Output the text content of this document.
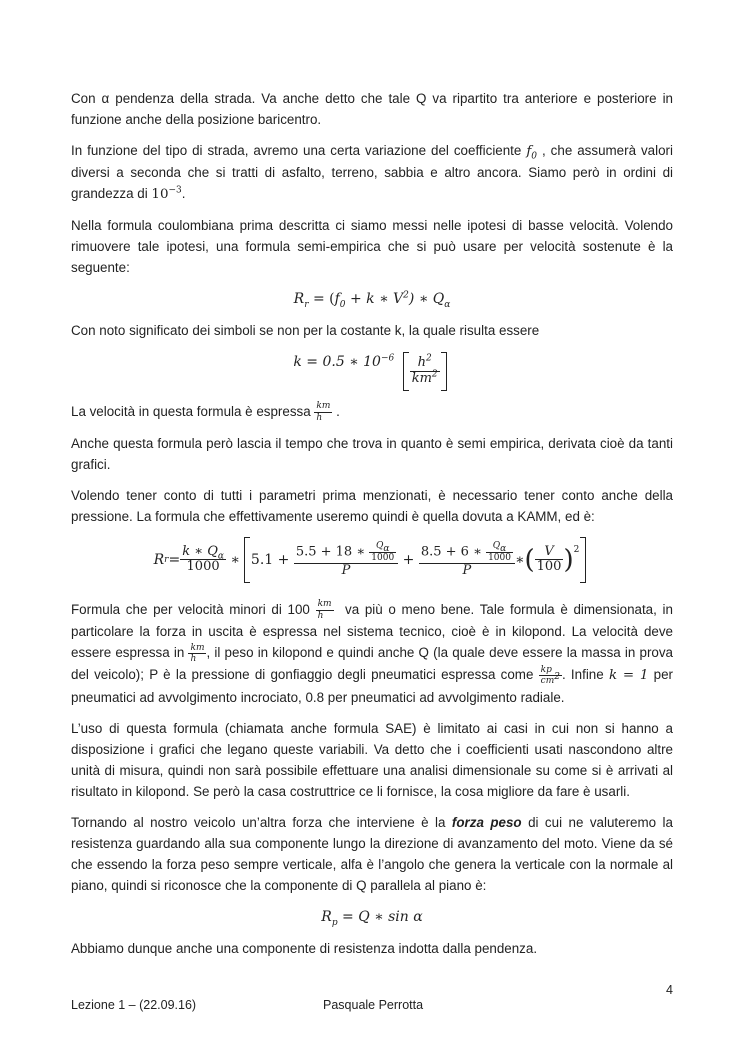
Con α pendenza della strada. Va anche detto che tale Q va ripartito tra anteriore e posteriore in funzione anche della posizione baricentro.

In funzione del tipo di strada, avremo una certa variazione del coefficiente $f_0$ , che assumerà valori diversi a seconda che si tratti di asfalto, terreno, sabbia e altro ancora. Siamo però in ordini di grandezza di $10^{-3}$.

Nella formula coulombiana prima descritta ci siamo messi nelle ipotesi di basse velocità. Volendo rimuovere tale ipotesi, una formula semi-empirica che si può usare per velocità sostenute è la seguente:

$R_r = (f_0 + k$ ∗ $V^2$) ∗ $Q_\alpha$

Con noto significato dei simboli se non per la costante k, la quale risulta essere

k = 0.5 ∗ $10^{-6} \frac{h^2}{km^2}$

La velocità in questa formula è espressa $\frac{km}{h}$ .

Anche questa formula però lascia il tempo che trova in quanto è semi empirica, derivata cioè da tanti grafici.

Volendo tener conto di tutti i parametri prima menzionati, è necessario tener conto anche della pressione. La formula che effettivamente useremo quindi è quella dovuta a KAMM, ed è:

R $r = \frac{k ∗ Q_\alpha}{1000}$
∗ 5.1 +
$\frac{5.5 + 18 ∗ \frac{Q_\alpha}{1000}}{P}$
+
$\frac{8.5 + 6 ∗ \frac{Q_\alpha}{1000}}{P}$ ∗ ( $\frac{V}{100} )^2$

Formula che per velocità minori di $100 \frac{km}{h}$ va più o meno bene. Tale formula è dimensionata, in particolare la forza in uscita è espressa nel sistema tecnico, cioè è in kilopond. La velocità deve essere espressa in $\frac{km}{h}$ , il peso in kilopond e quindi anche Q (la quale deve essere la massa in prova del veicolo); P è la pressione di gonfiaggio degli pneumatici espressa come $\frac{kp}{cm^2}$ . Infine k = 1 per pneumatici ad avvolgimento incrociato, 0.8 per pneumatici ad avvolgimento radiale.

L’uso di questa formula (chiamata anche formula SAE) è limitato ai casi in cui non si hanno a disposizione i grafici che legano queste variabili. Va detto che i coefficienti usati nascondono altre unità di misura, quindi non sarà possibile effettuare una analisi dimensionale su come si è arrivati al risultato in kilopond. Se però la casa costruttrice ce li fornisce, la cosa migliore da fare è usarli.

Tornando al nostro veicolo un’altra forza che interviene è la forza peso di cui ne valuteremo la resistenza guardando alla sua componente lungo la direzione di avanzamento del moto. Viene da sé che essendo la forza peso sempre verticale, alfa è l’angolo che genera la verticale con la normale al piano, quindi si riconosce che la componente di Q parallela al piano è:

$R_p = Q$ ∗ sin α

Abbiamo dunque anche una componente di resistenza indotta dalla pendenza.

4
Lezione 1 – (22.09.16)	Pasquale Perrotta
